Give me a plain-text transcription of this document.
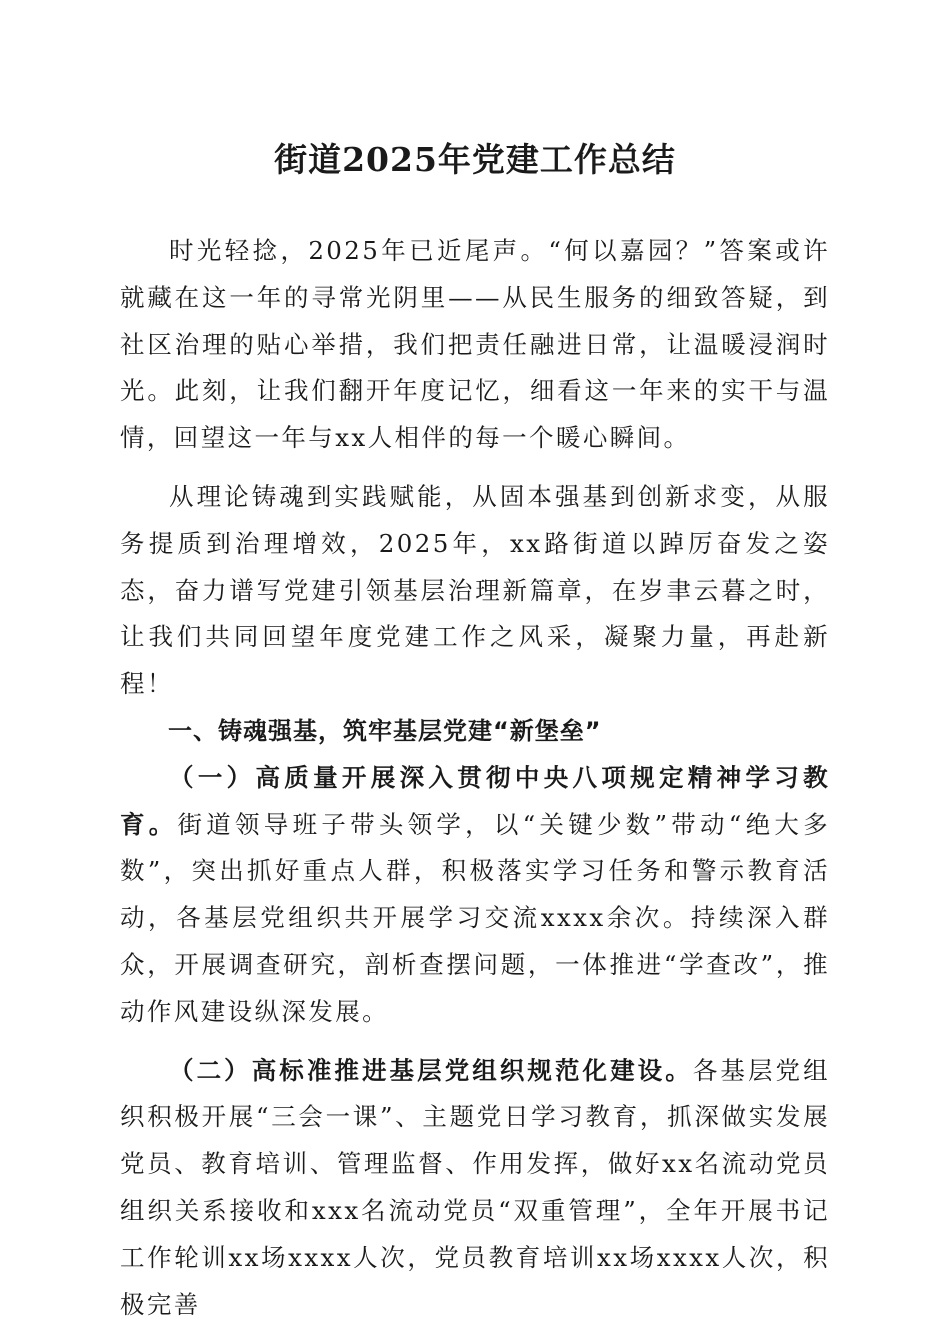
街道2025年党建工作总结

时光轻捻，2025年已近尾声。“何以嘉园？”答案或许就藏在这一年的寻常光阴里——从民生服务的细致答疑，到社区治理的贴心举措，我们把责任融进日常，让温暖浸润时光。此刻，让我们翻开年度记忆，细看这一年来的实干与温情，回望这一年与xx人相伴的每一个暖心瞬间。

从理论铸魂到实践赋能，从固本强基到创新求变，从服务提质到治理增效，2025年，xx路街道以踔厉奋发之姿态，奋力谱写党建引领基层治理新篇章，在岁聿云暮之时，让我们共同回望年度党建工作之风采，凝聚力量，再赴新程！

一、铸魂强基，筑牢基层党建“新堡垒”

（一）高质量开展深入贯彻中央八项规定精神学习教育。街道领导班子带头领学，以“关键少数”带动“绝大多数”，突出抓好重点人群，积极落实学习任务和警示教育活动，各基层党组织共开展学习交流xxxx余次。持续深入群众，开展调查研究，剖析查摆问题，一体推进“学查改”，推动作风建设纵深发展。

（二）高标准推进基层党组织规范化建设。各基层党组织积极开展“三会一课”、主题党日学习教育，抓深做实发展党员、教育培训、管理监督、作用发挥，做好xx名流动党员组织关系接收和xxx名流动党员“双重管理”，全年开展书记工作轮训xx场xxxx人次，党员教育培训xx场xxxx人次，积极完善
